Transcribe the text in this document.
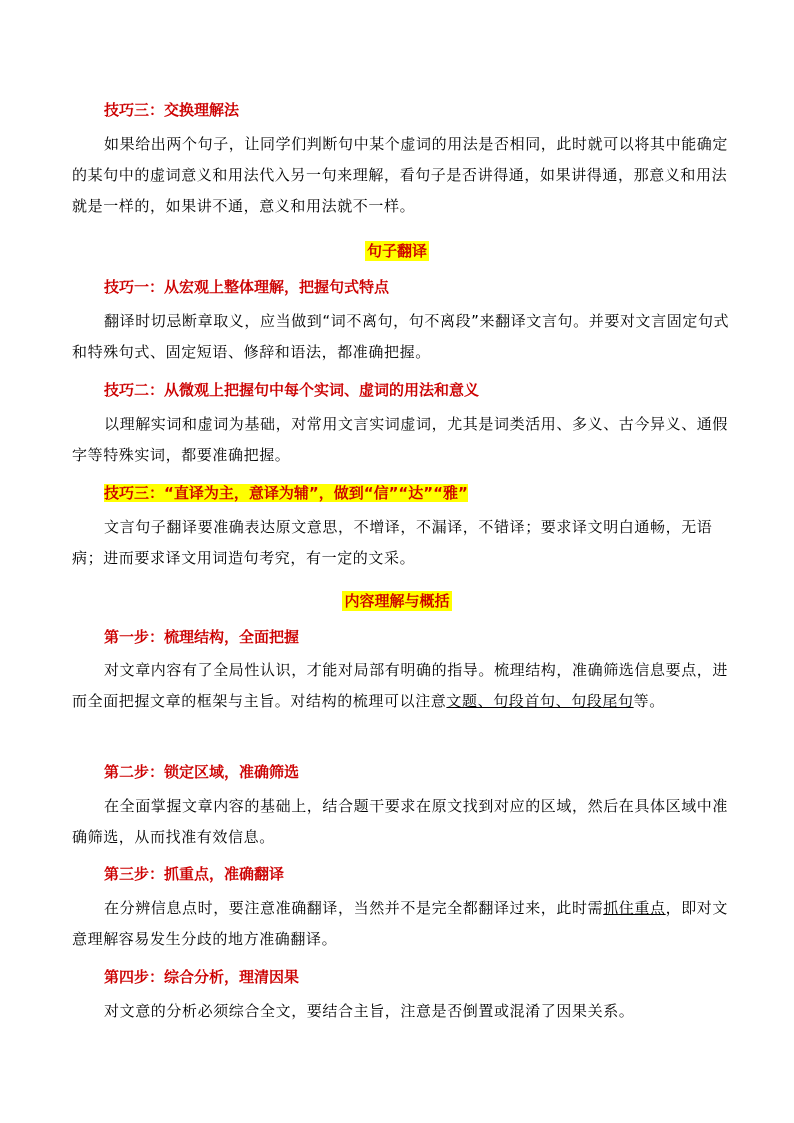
技巧三：交换理解法

如果给出两个句子，让同学们判断句中某个虚词的用法是否相同，此时就可以将其中能确定的某句中的虚词意义和用法代入另一句来理解，看句子是否讲得通，如果讲得通，那意义和用法就是一样的，如果讲不通，意义和用法就不一样。

句子翻译

技巧一：从宏观上整体理解，把握句式特点

翻译时切忌断章取义，应当做到“词不离句，句不离段”来翻译文言句。并要对文言固定句式和特殊句式、固定短语、修辞和语法，都准确把握。

技巧二：从微观上把握句中每个实词、虚词的用法和意义

以理解实词和虚词为基础，对常用文言实词虚词，尤其是词类活用、多义、古今异义、通假字等特殊实词，都要准确把握。

技巧三：“直译为主，意译为辅”，做到“信”“达”“雅”

文言句子翻译要准确表达原文意思，不增译，不漏译，不错译；要求译文明白通畅，无语病；进而要求译文用词造句考究，有一定的文采。

内容理解与概括

第一步：梳理结构，全面把握

对文章内容有了全局性认识，才能对局部有明确的指导。梳理结构，准确筛选信息要点，进而全面把握文章的框架与主旨。对结构的梳理可以注意文题、句段首句、句段尾句等。

第二步：锁定区域，准确筛选

在全面掌握文章内容的基础上，结合题干要求在原文找到对应的区域，然后在具体区域中准确筛选，从而找准有效信息。

第三步：抓重点，准确翻译

在分辨信息点时，要注意准确翻译，当然并不是完全都翻译过来，此时需抓住重点，即对文意理解容易发生分歧的地方准确翻译。

第四步：综合分析，理清因果

对文意的分析必须综合全文，要结合主旨，注意是否倒置或混淆了因果关系。
